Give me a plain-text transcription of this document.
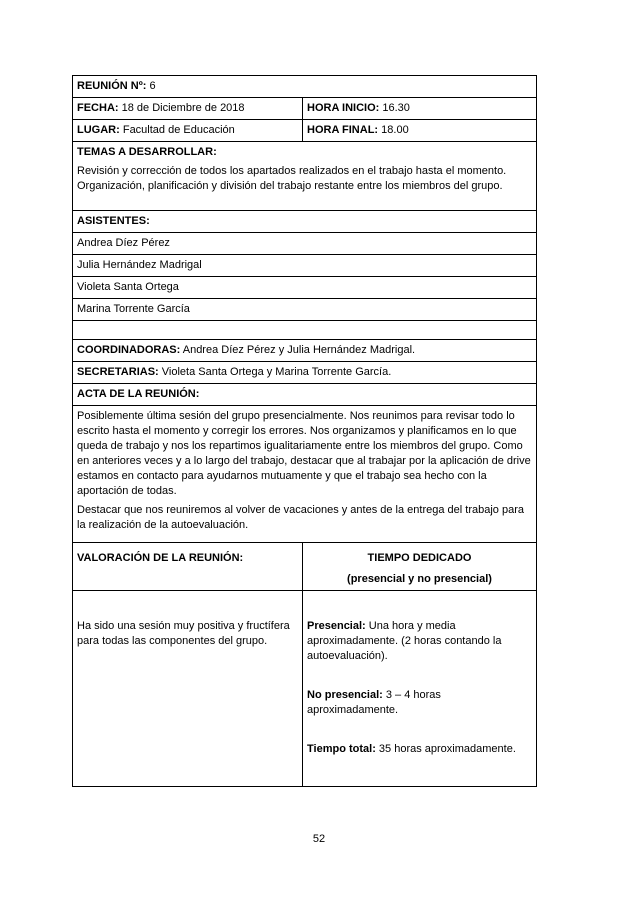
REUNIÓN Nº: 6	
FECHA: 18 de Diciembre de 2018	HORA INICIO: 16.30
LUGAR: Facultad de Educación	HORA FINAL: 18.00

TEMAS A DESARROLLAR:

Revisión y corrección de todos los apartados realizados en el trabajo hasta el momento. Organización, planificación y división del trabajo restante entre los miembros del grupo.	

ASISTENTES:	
Andrea Díez Pérez	
Julia Hernández Madrigal	
Violeta Santa Ortega	
Marina Torrente García	

COORDINADORAS: Andrea Díez Pérez y Julia Hernández Madrigal.	
SECRETARIAS: Violeta Santa Ortega y Marina Torrente García.	
ACTA DE LA REUNIÓN:	

Posiblemente última sesión del grupo presencialmente. Nos reunimos para revisar todo lo escrito hasta el momento y corregir los errores. Nos organizamos y planificamos en lo que queda de trabajo y nos los repartimos igualitariamente entre los miembros del grupo. Como en anteriores veces y a lo largo del trabajo, destacar que al trabajar por la aplicación de drive estamos en contacto para ayudarnos mutuamente y que el trabajo sea hecho con la aportación de todas.

Destacar que nos reuniremos al volver de vacaciones y antes de la entrega del trabajo para la realización de la autoevaluación.	

VALORACIÓN DE LA REUNIÓN:	TIEMPO DEDICADO
(presencial y no presencial)

Ha sido una sesión muy positiva y fructífera para todas las componentes del grupo.	Presencial: Una hora y media aproximadamente. (2 horas contando la autoevaluación).
No presencial: 3 – 4 horas aproximadamente.
Tiempo total: 35 horas aproximadamente.
52
